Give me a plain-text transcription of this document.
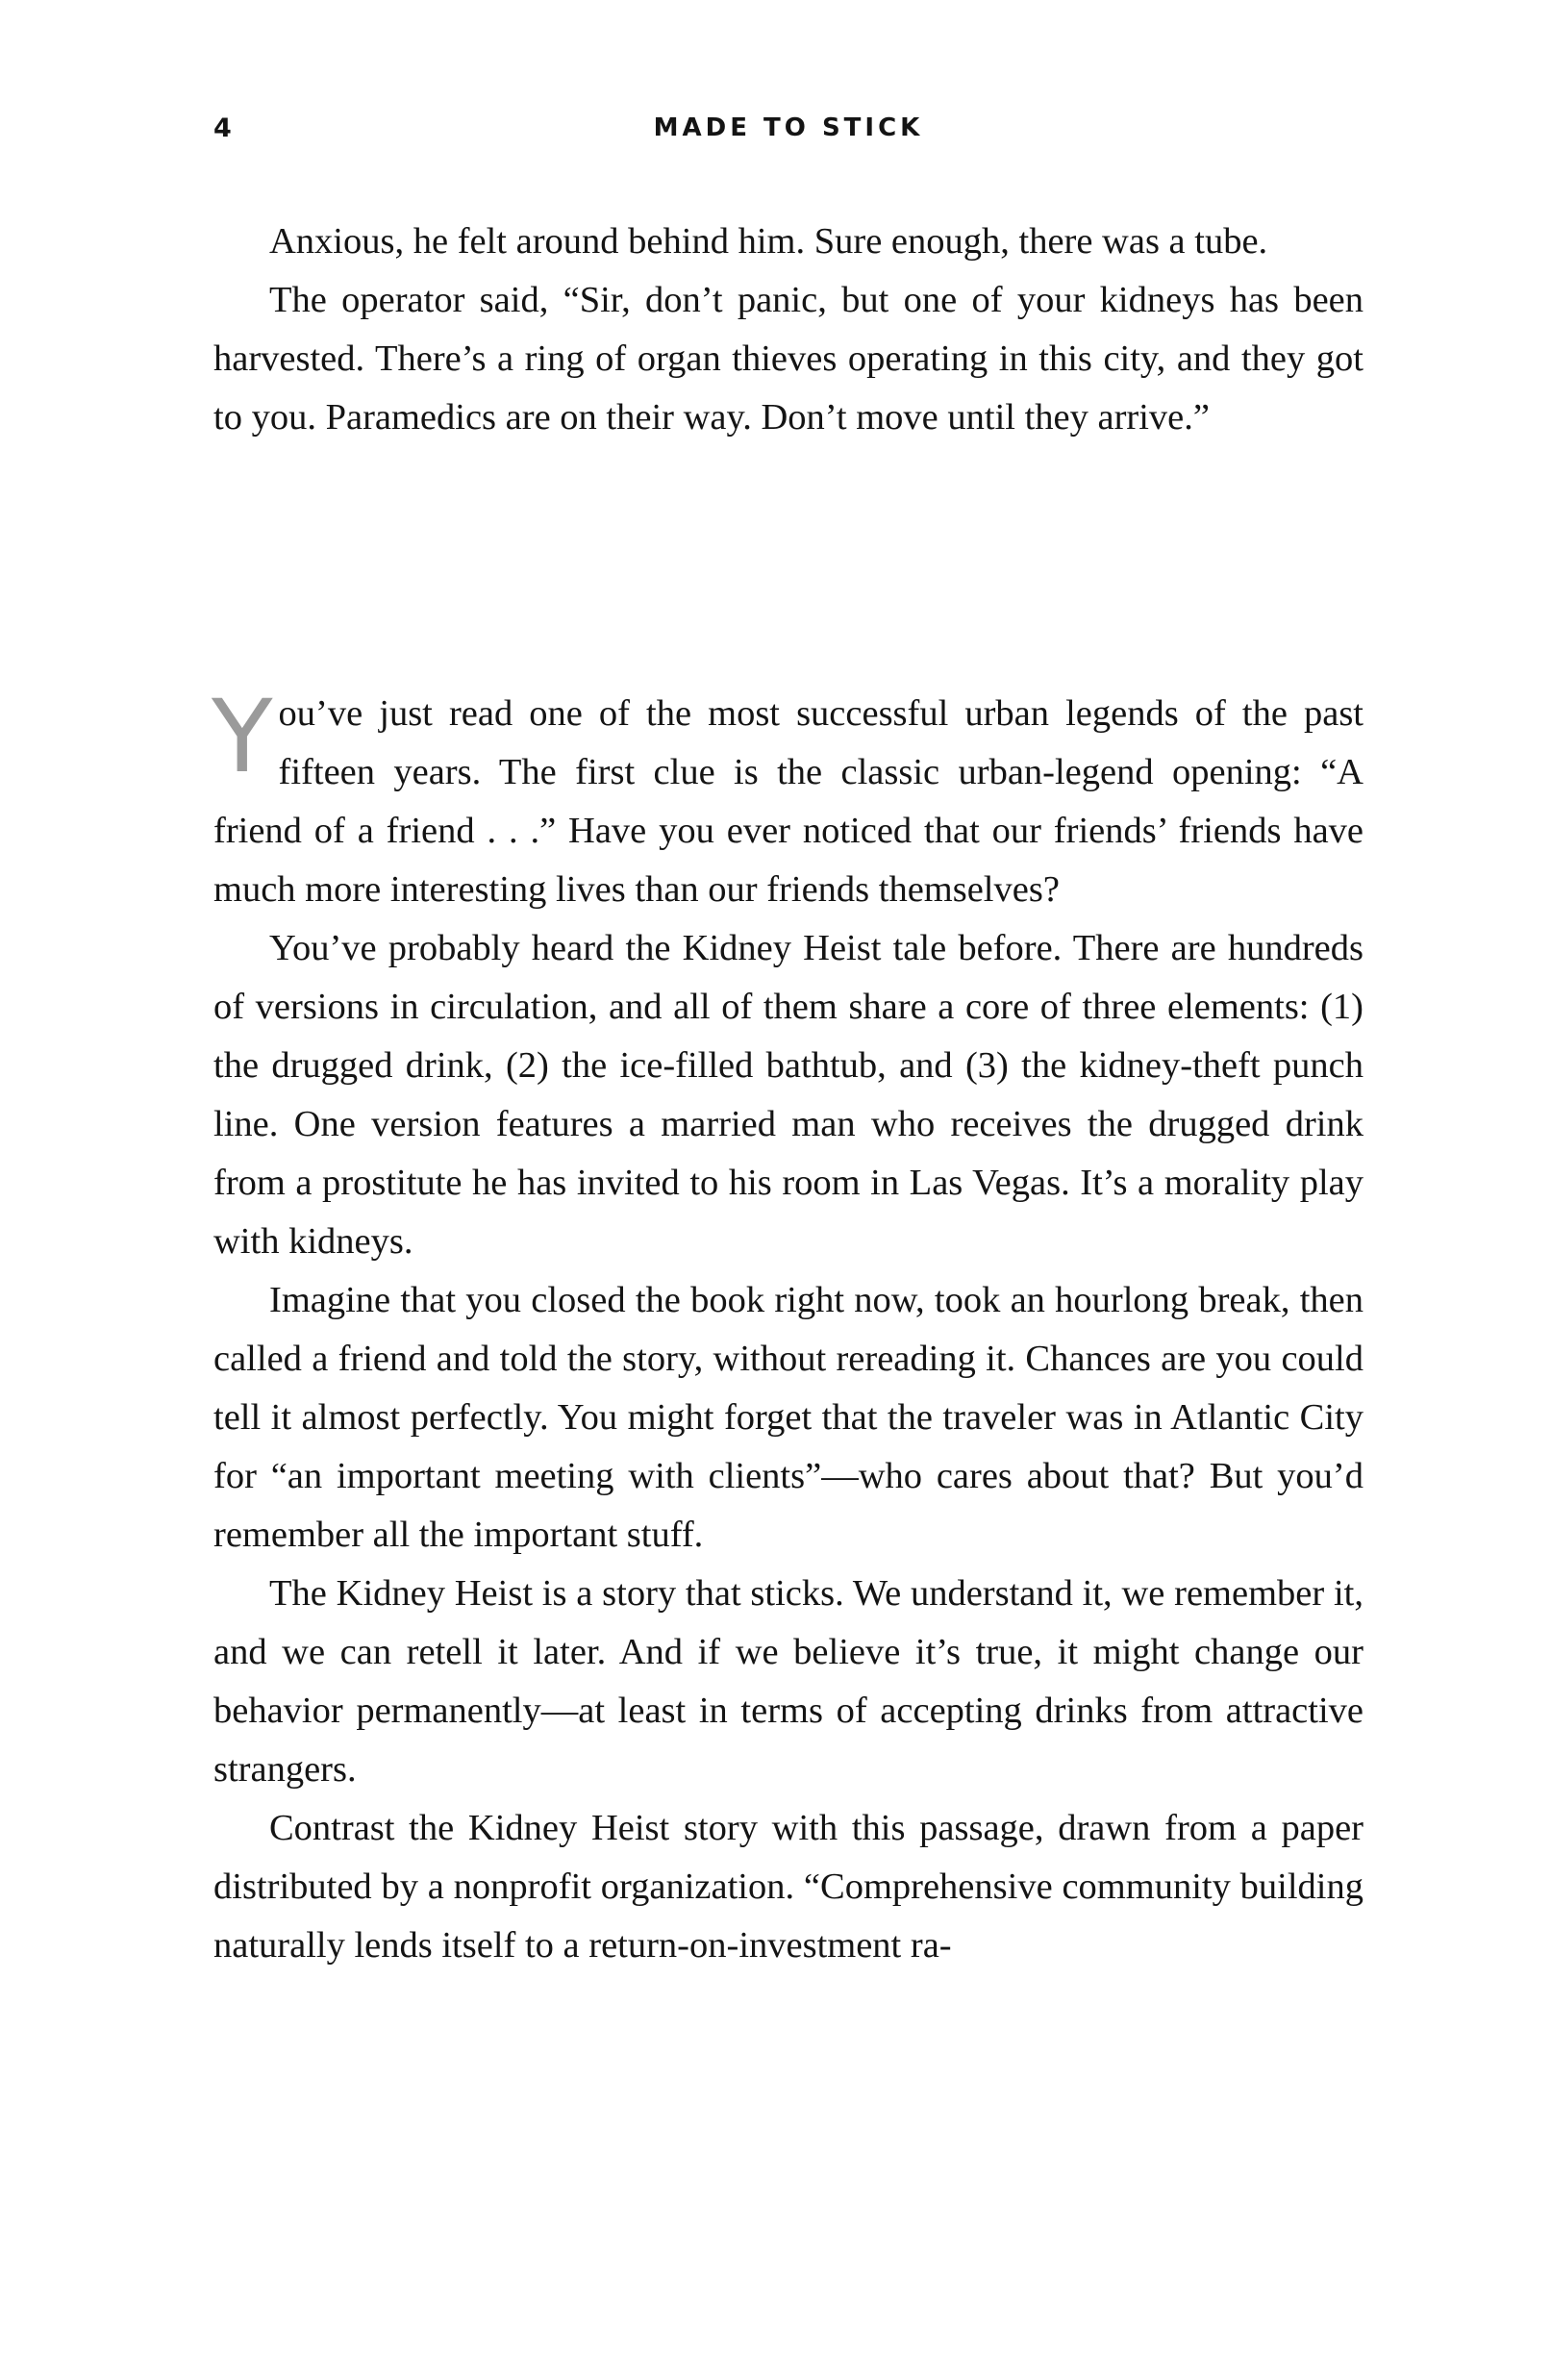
4	MADE TO STICK

Anxious, he felt around behind him. Sure enough, there was a tube.

The operator said, “Sir, don’t panic, but one of your kidneys has been harvested. There’s a ring of organ thieves operating in this city, and they got to you. Paramedics are on their way. Don’t move until they arrive.”

You’ve just read one of the most successful urban legends of the past fifteen years. The first clue is the classic urban-legend opening: “A friend of a friend . . .” Have you ever noticed that our friends’ friends have much more interesting lives than our friends themselves?

You’ve probably heard the Kidney Heist tale before. There are hundreds of versions in circulation, and all of them share a core of three elements: (1) the drugged drink, (2) the ice-filled bathtub, and (3) the kidney-theft punch line. One version features a married man who receives the drugged drink from a prostitute he has invited to his room in Las Vegas. It’s a morality play with kidneys.

Imagine that you closed the book right now, took an hourlong break, then called a friend and told the story, without rereading it. Chances are you could tell it almost perfectly. You might forget that the traveler was in Atlantic City for “an important meeting with clients”—who cares about that? But you’d remember all the important stuff.

The Kidney Heist is a story that sticks. We understand it, we remember it, and we can retell it later. And if we believe it’s true, it might change our behavior permanently—at least in terms of accepting drinks from attractive strangers.

Contrast the Kidney Heist story with this passage, drawn from a paper distributed by a nonprofit organization. “Comprehensive community building naturally lends itself to a return-on-investment ra-
